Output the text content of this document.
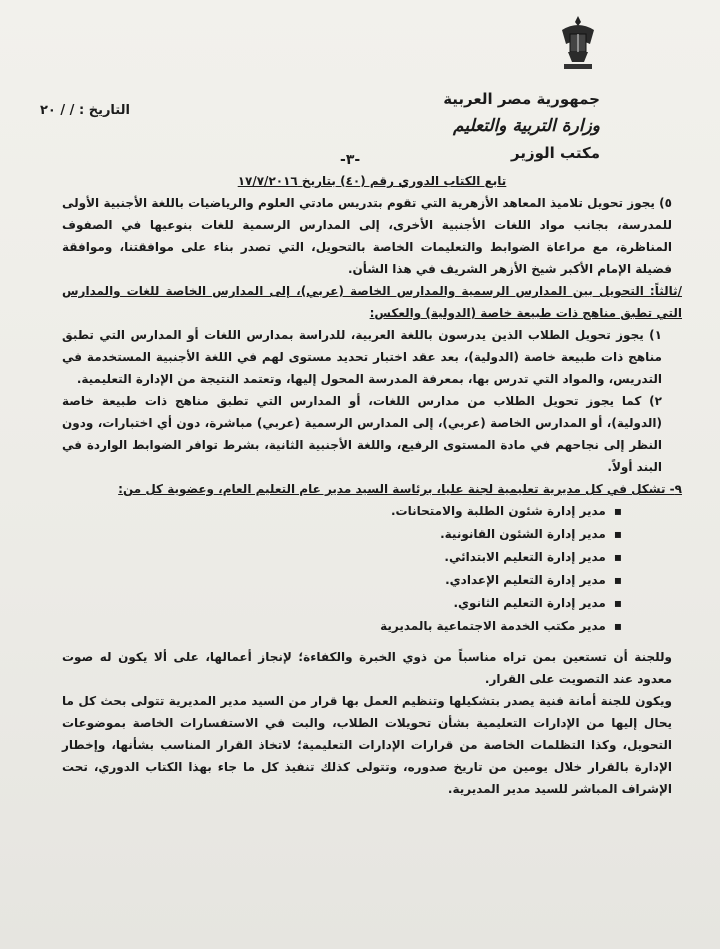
جمهورية مصر العربية
وزارة التربية والتعليم
مكتب الوزير
التاريخ : / / ٢٠
-٣-

تابع الكتاب الدوري رقم (٤٠) بتاريخ ١٧/٧/٢٠١٦

٥) يجوز تحويل تلاميذ المعاهد الأزهرية التي تقوم بتدريس مادتي العلوم والرياضيات باللغة الأجنبية الأولى للمدرسة، بجانب مواد اللغات الأجنبية الأخرى، إلى المدارس الرسمية للغات بنوعيها في الصفوف المناظرة، مع مراعاة الضوابط والتعليمات الخاصة بالتحويل، التي تصدر بناء على موافقتنا، وموافقة فضيلة الإمام الأكبر شيخ الأزهر الشريف في هذا الشأن.

/ثالثاً: التحويل بين المدارس الرسمية والمدارس الخاصة (عربي)، إلى المدارس الخاصة للغات والمدارس التي تطبق مناهج ذات طبيعة خاصة (الدولية) والعكس:

١) يجوز تحويل الطلاب الذين يدرسون باللغة العربية، للدراسة بمدارس اللغات أو المدارس التي تطبق مناهج ذات طبيعة خاصة (الدولية)، بعد عقد اختبار تحديد مستوى لهم في اللغة الأجنبية المستخدمة في التدريس، والمواد التي تدرس بها، بمعرفة المدرسة المحول إليها، وتعتمد النتيجة من الإدارة التعليمية.

٢) كما يجوز تحويل الطلاب من مدارس اللغات، أو المدارس التي تطبق مناهج ذات طبيعة خاصة (الدولية)، أو المدارس الخاصة (عربي)، إلى المدارس الرسمية (عربي) مباشرة، دون أي اختبارات، ودون النظر إلى نجاحهم في مادة المستوى الرفيع، واللغة الأجنبية الثانية، بشرط توافر الضوابط الواردة في البند أولاً.

٩- تشكل في كل مديرية تعليمية لجنة عليا، برئاسة السيد مدير عام التعليم العام، وعضوية كل من:

▪مدير إدارة شئون الطلبة والامتحانات.

▪مدير إدارة الشئون القانونية.

▪مدير إدارة التعليم الابتدائي.

▪مدير إدارة التعليم الإعدادي.

▪مدير إدارة التعليم الثانوي.

▪مدير مكتب الخدمة الاجتماعية بالمديرية

وللجنة أن تستعين بمن تراه مناسباً من ذوي الخبرة والكفاءة؛ لإنجاز أعمالها، على ألا يكون له صوت معدود عند التصويت على القرار.

ويكون للجنة أمانة فنية يصدر بتشكيلها وتنظيم العمل بها قرار من السيد مدير المديرية تتولى بحث كل ما يحال إليها من الإدارات التعليمية بشأن تحويلات الطلاب، والبت في الاستفسارات الخاصة بموضوعات التحويل، وكذا التظلمات الخاصة من قرارات الإدارات التعليمية؛ لاتخاذ القرار المناسب بشأنها، وإخطار الإدارة بالقرار خلال يومين من تاريخ صدوره، وتتولى كذلك تنفيذ كل ما جاء بهذا الكتاب الدوري، تحت الإشراف المباشر للسيد مدير المديرية.
